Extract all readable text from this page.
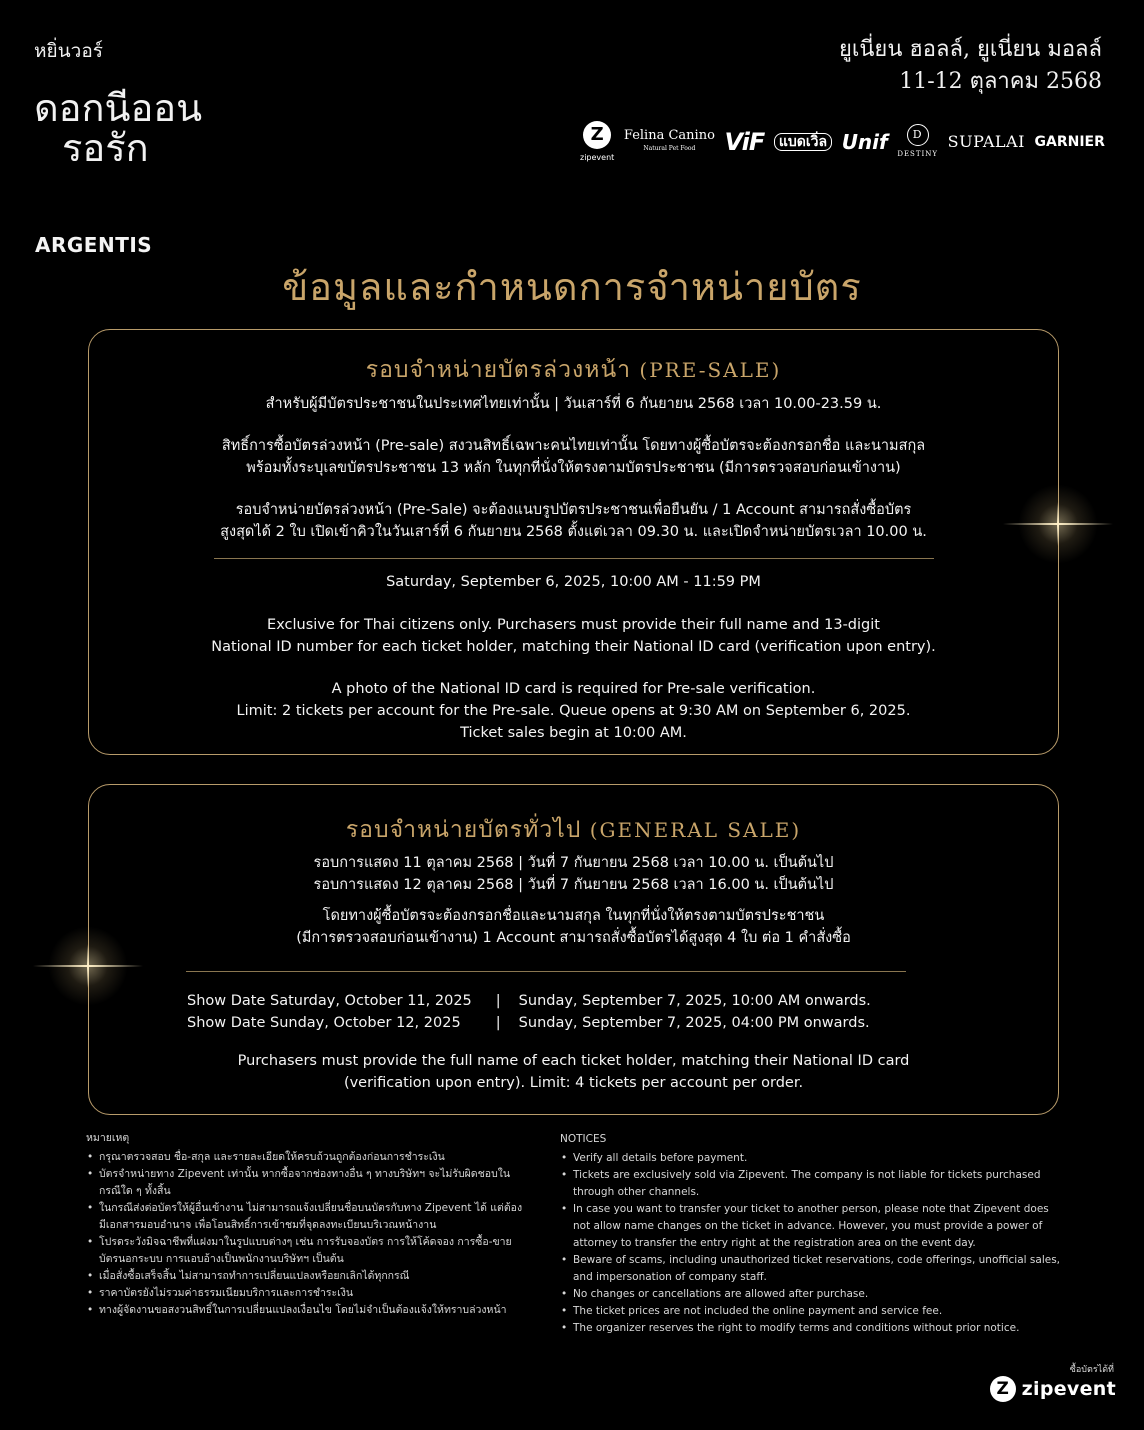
หยิ่นวอร์
ดอกนีออน
รอรัก
ยูเนี่ยน ฮอลล์, ยูเนี่ยน มอลล์
11-12 ตุลาคม 2568
Z
zipevent
Felina Canino
Natural Pet Food	ViF	แบดเวิ่ล Unif	D
DESTINY
SUPALAI GARNIER
ARGENTIS
ข้อมูลและกำหนดการจำหน่ายบัตร
รอบจำหน่ายบัตรล่วงหน้า (PRE-SALE)

สำหรับผู้มีบัตรประชาชนในประเทศไทยเท่านั้น | วันเสาร์ที่ 6 กันยายน 2568 เวลา 10.00-23.59 น.

สิทธิ์การซื้อบัตรล่วงหน้า (Pre-sale) สงวนสิทธิ์เฉพาะคนไทยเท่านั้น โดยทางผู้ซื้อบัตรจะต้องกรอกชื่อ และนามสกุล

พร้อมทั้งระบุเลขบัตรประชาชน 13 หลัก ในทุกที่นั่งให้ตรงตามบัตรประชาชน (มีการตรวจสอบก่อนเข้างาน)

รอบจำหน่ายบัตรล่วงหน้า (Pre-Sale) จะต้องแนบรูปบัตรประชาชนเพื่อยืนยัน / 1 Account สามารถสั่งซื้อบัตร

สูงสุดได้ 2 ใบ เปิดเข้าคิวในวันเสาร์ที่ 6 กันยายน 2568 ตั้งแต่เวลา 09.30 น. และเปิดจำหน่ายบัตรเวลา 10.00 น.

Saturday, September 6, 2025, 10:00 AM - 11:59 PM

Exclusive for Thai citizens only. Purchasers must provide their full name and 13-digit

National ID number for each ticket holder, matching their National ID card (verification upon entry).

A photo of the National ID card is required for Pre-sale verification.

Limit: 2 tickets per account for the Pre-sale. Queue opens at 9:30 AM on September 6, 2025.

Ticket sales begin at 10:00 AM.

รอบจำหน่ายบัตรทั่วไป (GENERAL SALE)

รอบการแสดง 11 ตุลาคม 2568 | วันที่ 7 กันยายน 2568 เวลา 10.00 น. เป็นต้นไป

รอบการแสดง 12 ตุลาคม 2568 | วันที่ 7 กันยายน 2568 เวลา 16.00 น. เป็นต้นไป

โดยทางผู้ซื้อบัตรจะต้องกรอกชื่อและนามสกุล ในทุกที่นั่งให้ตรงตามบัตรประชาชน

(มีการตรวจสอบก่อนเข้างาน) 1 Account สามารถสั่งซื้อบัตรได้สูงสุด 4 ใบ ต่อ 1 คำสั่งซื้อ

Show Date Saturday, October 11, 2025	|	Sunday, September 7, 2025, 10:00 AM onwards.
Show Date Sunday, October 12, 2025	|	Sunday, September 7, 2025, 04:00 PM onwards.

Purchasers must provide the full name of each ticket holder, matching their National ID card

(verification upon entry). Limit: 4 tickets per account per order.

หมายเหตุ
• กรุณาตรวจสอบ ชื่อ-สกุล และรายละเอียดให้ครบถ้วนถูกต้องก่อนการชำระเงิน
• บัตรจำหน่ายทาง Zipevent เท่านั้น หากซื้อจากช่องทางอื่น ๆ ทางบริษัทฯ จะไม่รับผิดชอบในกรณีใด ๆ ทั้งสิ้น
• ในกรณีส่งต่อบัตรให้ผู้อื่นเข้างาน ไม่สามารถแจ้งเปลี่ยนชื่อบนบัตรกับทาง Zipevent ได้ แต่ต้องมีเอกสารมอบอำนาจ เพื่อโอนสิทธิ์การเข้าชมที่จุดลงทะเบียนบริเวณหน้างาน
• โปรดระวังมิจฉาชีพที่แฝงมาในรูปแบบต่างๆ เช่น การรับจองบัตร การให้โค้ดจอง การซื้อ-ขาย บัตรนอกระบบ การแอบอ้างเป็นพนักงานบริษัทฯ เป็นต้น
• เมื่อสั่งซื้อเสร็จสิ้น ไม่สามารถทำการเปลี่ยนแปลงหรือยกเลิกได้ทุกกรณี
• ราคาบัตรยังไม่รวมค่าธรรมเนียมบริการและการชำระเงิน
• ทางผู้จัดงานขอสงวนสิทธิ์ในการเปลี่ยนแปลงเงื่อนไข โดยไม่จำเป็นต้องแจ้งให้ทราบล่วงหน้า
NOTICES
• Verify all details before payment.
• Tickets are exclusively sold via Zipevent. The company is not liable for tickets purchased through other channels.
• In case you want to transfer your ticket to another person, please note that Zipevent does not allow name changes on the ticket in advance. However, you must provide a power of attorney to transfer the entry right at the registration area on the event day.
• Beware of scams, including unauthorized ticket reservations, code offerings, unofficial sales, and impersonation of company staff.
• No changes or cancellations are allowed after purchase.
• The ticket prices are not included the online payment and service fee.
• The organizer reserves the right to modify terms and conditions without prior notice.
ซื้อบัตรได้ที่
Z zipevent
